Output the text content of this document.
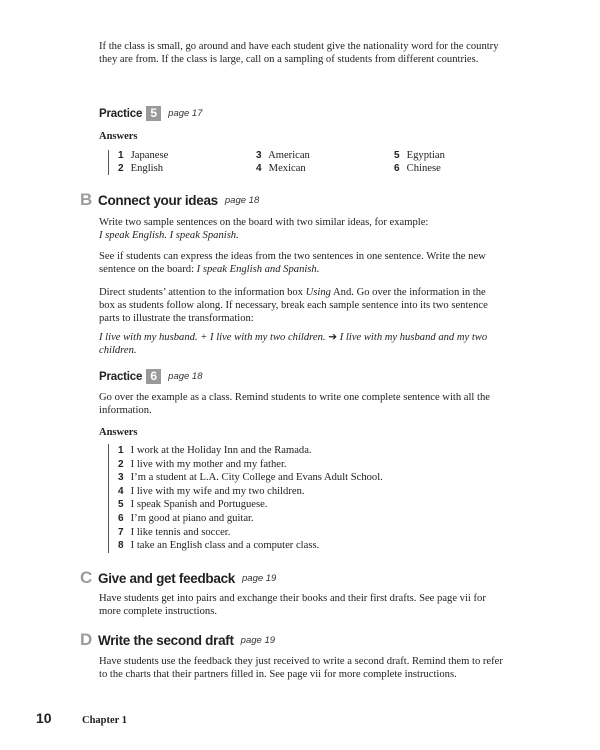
If the class is small, go around and have each student give the nationality word for the country they are from. If the class is large, call on a sampling of students from different countries.
Practice 5	page 17
Answers
1 Japanese	3 American	5 Egyptian
2 English	4 Mexican	6 Chinese
B Connect your ideas page 18
Write two sample sentences on the board with two similar ideas, for example:
I speak English. I speak Spanish.
See if students can express the ideas from the two sentences in one sentence. Write the new sentence on the board: I speak English and Spanish.
Direct students’ attention to the information box Using And. Go over the information in the box as students follow along. If necessary, break each sample sentence into its two sentence parts to illustrate the transformation:
I live with my husband. + I live with my two children. ➔ I live with my husband and my two children.
Practice 6	page 18
Go over the example as a class. Remind students to write one complete sentence with all the information.
Answers
1 I work at the Holiday Inn and the Ramada.
2 I live with my mother and my father.
3 I’m a student at L.A. City College and Evans Adult School.
4 I live with my wife and my two children.
5 I speak Spanish and Portuguese.
6 I’m good at piano and guitar.
7 I like tennis and soccer.
8 I take an English class and a computer class.
C Give and get feedback page 19
Have students get into pairs and exchange their books and their first drafts. See page vii for more complete instructions.
D Write the second draft page 19
Have students use the feedback they just received to write a second draft. Remind them to refer to the charts that their partners filled in. See page vii for more complete instructions.
10	Chapter 1
